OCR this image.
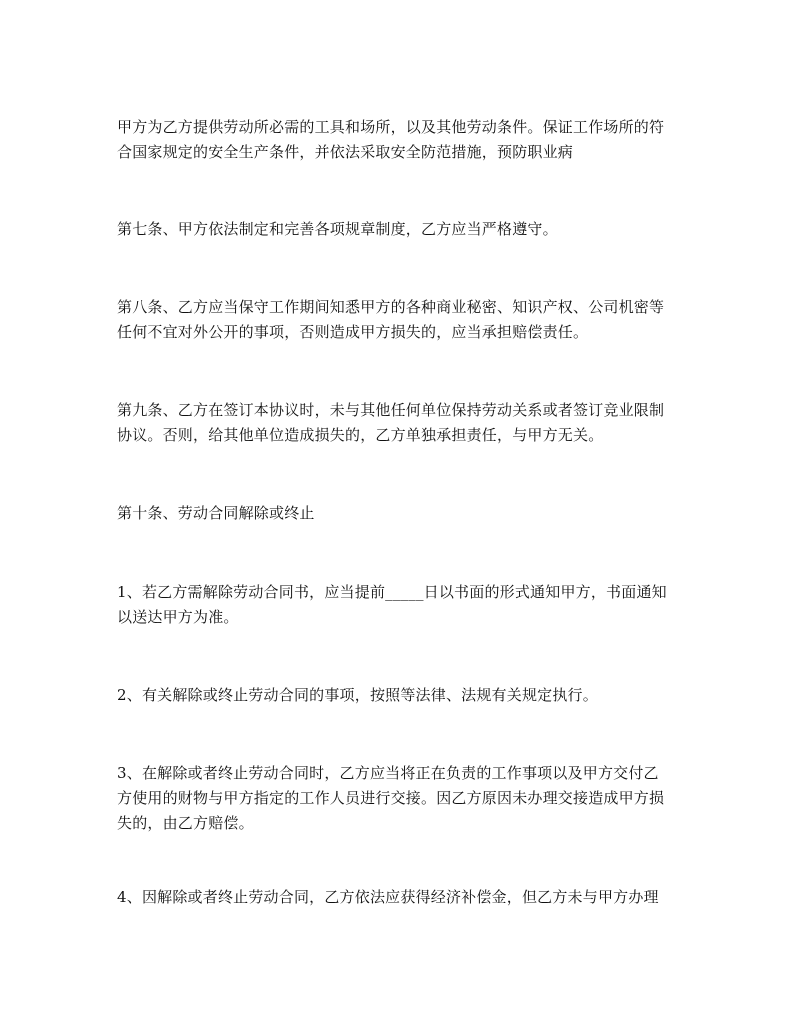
甲方为乙方提供劳动所必需的工具和场所，以及其他劳动条件。保证工作场所的符
合国家规定的安全生产条件，并依法采取安全防范措施，预防职业病

第七条、甲方依法制定和完善各项规章制度，乙方应当严格遵守。

第八条、乙方应当保守工作期间知悉甲方的各种商业秘密、知识产权、公司机密等
任何不宜对外公开的事项，否则造成甲方损失的，应当承担赔偿责任。

第九条、乙方在签订本协议时，未与其他任何单位保持劳动关系或者签订竞业限制
协议。否则，给其他单位造成损失的，乙方单独承担责任，与甲方无关。

第十条、劳动合同解除或终止

1、若乙方需解除劳动合同书，应当提前_____日以书面的形式通知甲方，书面通知
以送达甲方为准。

2、有关解除或终止劳动合同的事项，按照等法律、法规有关规定执行。

3、在解除或者终止劳动合同时，乙方应当将正在负责的工作事项以及甲方交付乙
方使用的财物与甲方指定的工作人员进行交接。因乙方原因未办理交接造成甲方损
失的，由乙方赔偿。

4、因解除或者终止劳动合同，乙方依法应获得经济补偿金，但乙方未与甲方办理
